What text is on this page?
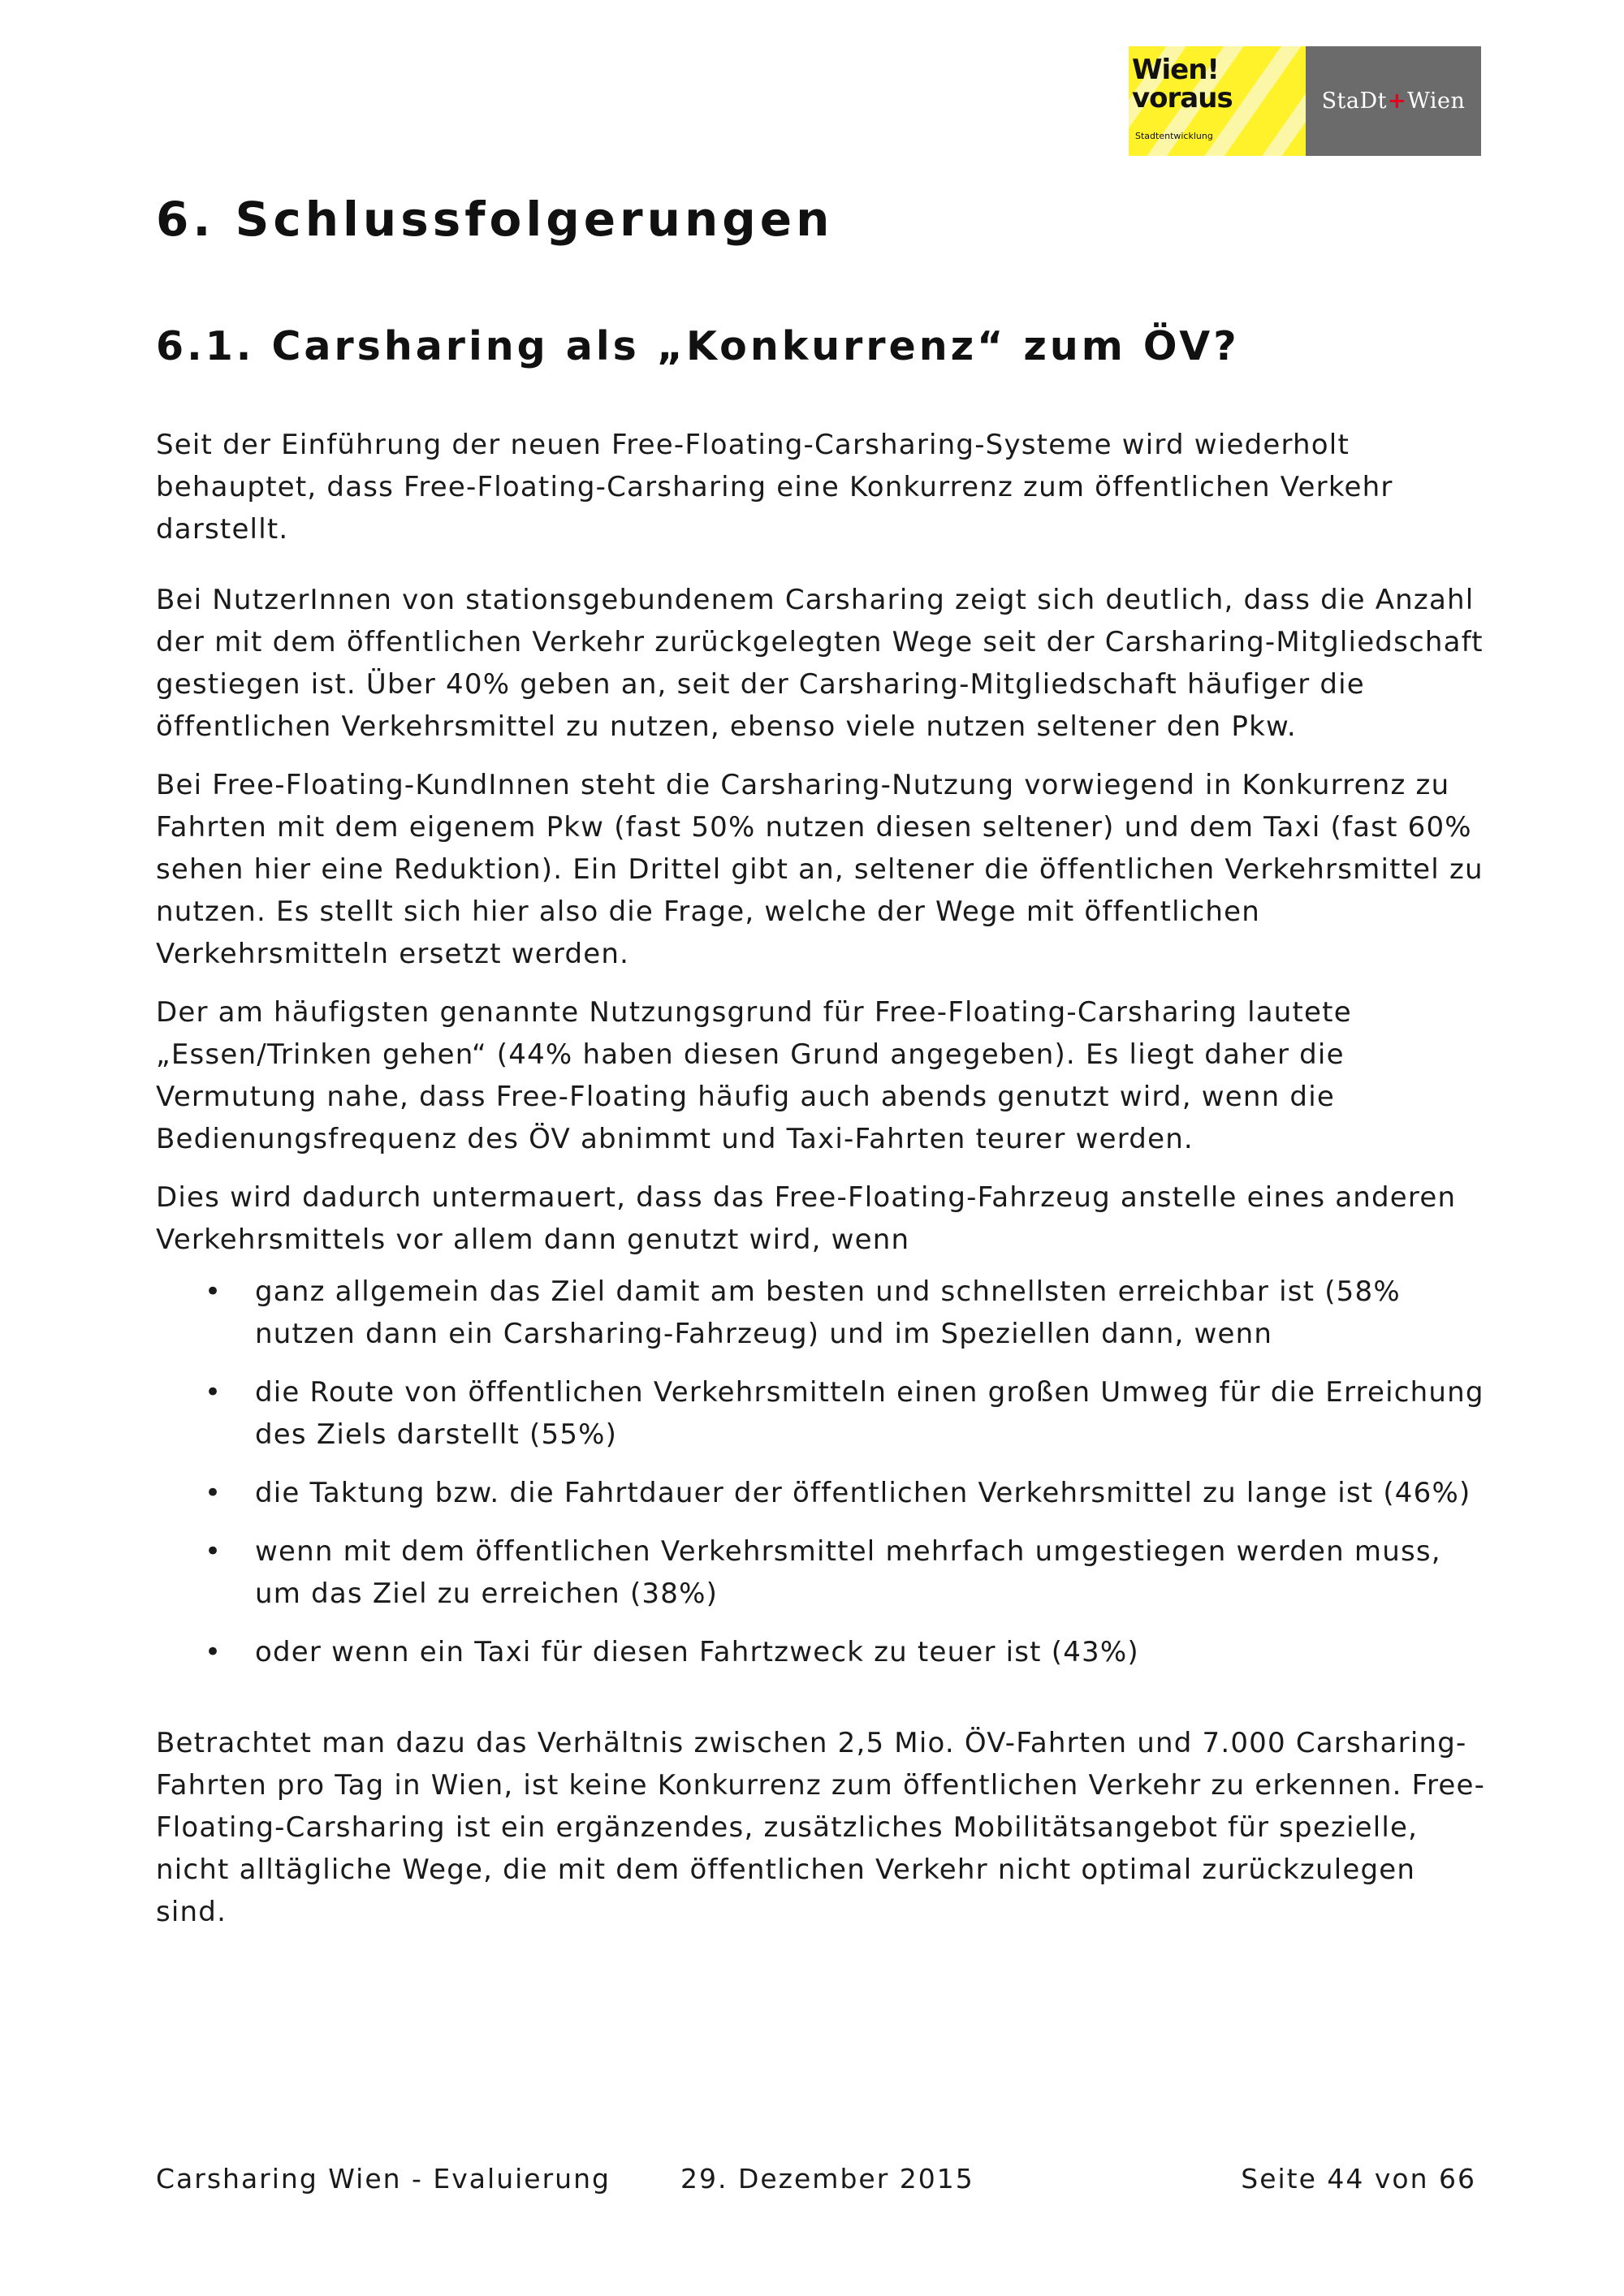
Wien!
voraus
Stadtentwicklung
StaDt + Wien
6. Schlussfolgerungen
6.1. Carsharing als „Konkurrenz“ zum ÖV?

Seit der Einführung der neuen Free-Floating-Carsharing-Systeme wird wiederholt behauptet, dass Free-Floating-Carsharing eine Konkurrenz zum öffentlichen Verkehr darstellt.

Bei NutzerInnen von stationsgebundenem Carsharing zeigt sich deutlich, dass die Anzahl der mit dem öffentlichen Verkehr zurückgelegten Wege seit der Carsharing-Mitgliedschaft gestiegen ist. Über 40% geben an, seit der Carsharing-Mitgliedschaft häufiger die öffentlichen Verkehrsmittel zu nutzen, ebenso viele nutzen seltener den Pkw.

Bei Free-Floating-KundInnen steht die Carsharing-Nutzung vorwiegend in Konkurrenz zu Fahrten mit dem eigenem Pkw (fast 50% nutzen diesen seltener) und dem Taxi (fast 60% sehen hier eine Reduktion). Ein Drittel gibt an, seltener die öffentlichen Verkehrsmittel zu nutzen. Es stellt sich hier also die Frage, welche der Wege mit öffentlichen Verkehrsmitteln ersetzt werden.

Der am häufigsten genannte Nutzungsgrund für Free-Floating-Carsharing lautete „Essen/Trinken gehen“ (44% haben diesen Grund angegeben). Es liegt daher die Vermutung nahe, dass Free-Floating häufig auch abends genutzt wird, wenn die Bedienungsfrequenz des ÖV abnimmt und Taxi-Fahrten teurer werden.

Dies wird dadurch untermauert, dass das Free-Floating-Fahrzeug anstelle eines anderen Verkehrsmittels vor allem dann genutzt wird, wenn

• ganz allgemein das Ziel damit am besten und schnellsten erreichbar ist (58% nutzen dann ein Carsharing-Fahrzeug) und im Speziellen dann, wenn
• die Route von öffentlichen Verkehrsmitteln einen großen Umweg für die Erreichung des Ziels darstellt (55%)
• die Taktung bzw. die Fahrtdauer der öffentlichen Verkehrsmittel zu lange ist (46%)
• wenn mit dem öffentlichen Verkehrsmittel mehrfach umgestiegen werden muss, um das Ziel zu erreichen (38%)
• oder wenn ein Taxi für diesen Fahrtzweck zu teuer ist (43%)

Betrachtet man dazu das Verhältnis zwischen 2,5 Mio. ÖV-Fahrten und 7.000 Carsharing-Fahrten pro Tag in Wien, ist keine Konkurrenz zum öffentlichen Verkehr zu erkennen. Free-Floating-Carsharing ist ein ergänzendes, zusätzliches Mobilitätsangebot für spezielle, nicht alltägliche Wege, die mit dem öffentlichen Verkehr nicht optimal zurückzulegen sind.

Carsharing Wien - Evaluierung	29. Dezember 2015	Seite 44 von 66
